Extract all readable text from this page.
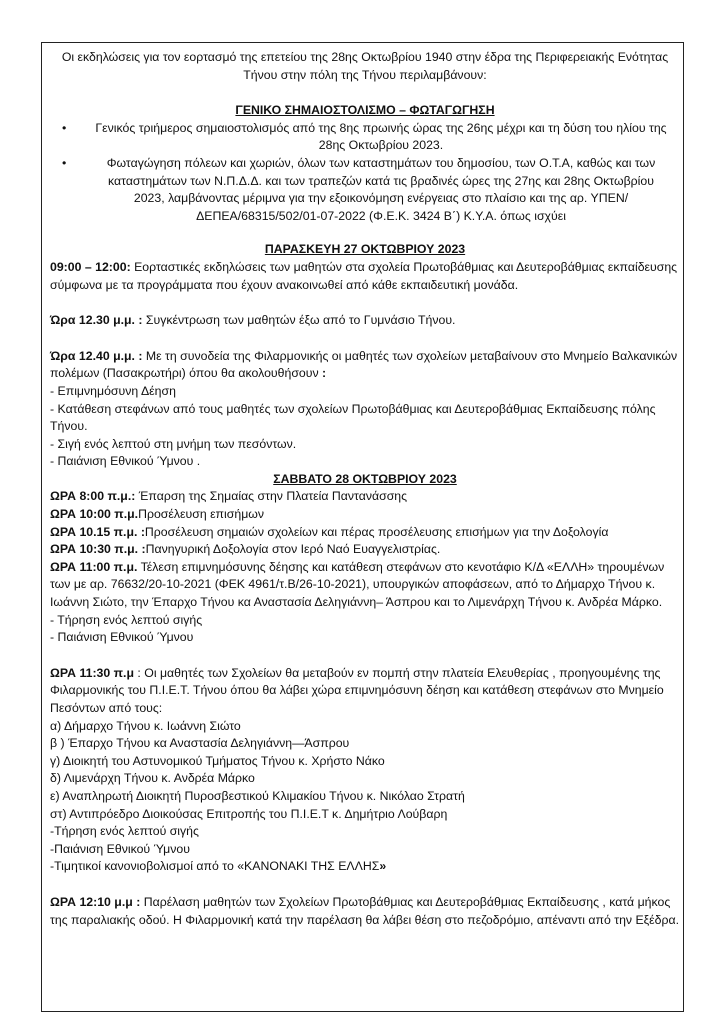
Οι εκδηλώσεις για τον εορτασμό της επετείου της 28ης Οκτωβρίου 1940 στην έδρα της Περιφερειακής Ενότητας Τήνου στην πόλη της Τήνου περιλαμβάνουν:
ΓΕΝΙΚΟ ΣΗΜΑΙΟΣΤΟΛΙΣΜΟ – ΦΩΤΑΓΩΓΗΣΗ
• Γενικός τριήμερος σημαιοστολισμός από της 8ης πρωινής ώρας της 26ης μέχρι και τη δύση του ηλίου της 28ης Οκτωβρίου 2023.
• Φωταγώγηση πόλεων και χωριών, όλων των καταστημάτων του δημοσίου, των Ο.Τ.Α, καθώς και των καταστημάτων των Ν.Π.Δ.Δ. και των τραπεζών κατά τις βραδινές ώρες της 27ης και 28ης Οκτωβρίου 2023, λαμβάνοντας μέριμνα για την εξοικονόμηση ενέργειας στο πλαίσιο και της αρ. ΥΠΕΝ/ΔΕΠΕΑ/68315/502/01-07-2022 (Φ.Ε.Κ. 3424 Β΄) Κ.Υ.Α. όπως ισχύει
ΠΑΡΑΣΚΕΥΗ 27 ΟΚΤΩΒΡΙΟΥ 2023
09:00 – 12:00: Εορταστικές εκδηλώσεις των μαθητών στα σχολεία Πρωτοβάθμιας και Δευτεροβάθμιας εκπαίδευσης σύμφωνα με τα προγράμματα που έχουν ανακοινωθεί από κάθε εκπαιδευτική μονάδα.
Ώρα 12.30 μ.μ. : Συγκέντρωση των μαθητών έξω από το Γυμνάσιο Τήνου.
Ώρα 12.40 μ.μ. : Με τη συνοδεία της Φιλαρμονικής οι μαθητές των σχολείων μεταβαίνουν στο Μνημείο Βαλκανικών πολέμων (Πασακρωτήρι) όπου θα ακολουθήσουν :
- Επιμνημόσυνη Δέηση
- Κατάθεση στεφάνων από τους μαθητές των σχολείων Πρωτοβάθμιας και Δευτεροβάθμιας Εκπαίδευσης πόλης Τήνου.
- Σιγή ενός λεπτού στη μνήμη των πεσόντων.
- Παιάνιση Εθνικού Ύμνου .
ΣΑΒΒΑΤΟ 28 ΟΚΤΩΒΡΙΟΥ 2023
ΩΡΑ 8:00 π.μ.: Έπαρση της Σημαίας στην Πλατεία Παντανάσσης
ΩΡΑ 10:00 π.μ.Προσέλευση επισήμων
ΩΡΑ 10.15 π.μ. :Προσέλευση σημαιών σχολείων και πέρας προσέλευσης επισήμων για την Δοξολογία
ΩΡΑ 10:30 π.μ. :Πανηγυρική Δοξολογία στον Ιερό Ναό Ευαγγελιστρίας.
ΩΡΑ 11:00 π.μ. Τέλεση επιμνημόσυνης δέησης και κατάθεση στεφάνων στο κενοτάφιο Κ/Δ «ΕΛΛΗ» τηρουμένων των με αρ. 76632/20-10-2021 (ΦΕΚ 4961/τ.Β/26-10-2021), υπουργικών αποφάσεων, από το Δήμαρχο Τήνου κ. Ιωάννη Σιώτο, την Έπαρχο Τήνου κα Αναστασία Δεληγιάννη– Άσπρου και το Λιμενάρχη Τήνου κ. Ανδρέα Μάρκο.
- Τήρηση ενός λεπτού σιγής
- Παιάνιση Εθνικού Ύμνου
ΩΡΑ 11:30 π.μ : Οι μαθητές των Σχολείων θα μεταβούν εν πομπή στην πλατεία Ελευθερίας , προηγουμένης της Φιλαρμονικής του Π.Ι.Ε.Τ. Τήνου όπου θα λάβει χώρα επιμνημόσυνη δέηση και κατάθεση στεφάνων στο Μνημείο Πεσόντων από τους:
α) Δήμαρχο Τήνου κ. Ιωάννη Σιώτο
β ) Έπαρχο Τήνου κα Αναστασία Δεληγιάννη—Άσπρου
γ) Διοικητή του Αστυνομικού Τμήματος Τήνου κ. Χρήστο Νάκο
δ) Λιμενάρχη Τήνου κ. Ανδρέα Μάρκο
ε) Αναπληρωτή Διοικητή Πυροσβεστικού Κλιμακίου Τήνου κ. Νικόλαο Στρατή
στ) Αντιπρόεδρο Διοικούσας Επιτροπής του Π.Ι.Ε.Τ κ. Δημήτριο Λούβαρη
-Τήρηση ενός λεπτού σιγής
-Παιάνιση Εθνικού Ύμνου
-Τιμητικοί κανονιοβολισμοί από το «ΚΑΝΟΝΑΚΙ ΤΗΣ ΕΛΛΗΣ»
ΩΡΑ 12:10 μ.μ : Παρέλαση μαθητών των Σχολείων Πρωτοβάθμιας και Δευτεροβάθμιας Εκπαίδευσης , κατά μήκος της παραλιακής οδού. Η Φιλαρμονική κατά την παρέλαση θα λάβει θέση στο πεζοδρόμιο, απέναντι από την Εξέδρα.
